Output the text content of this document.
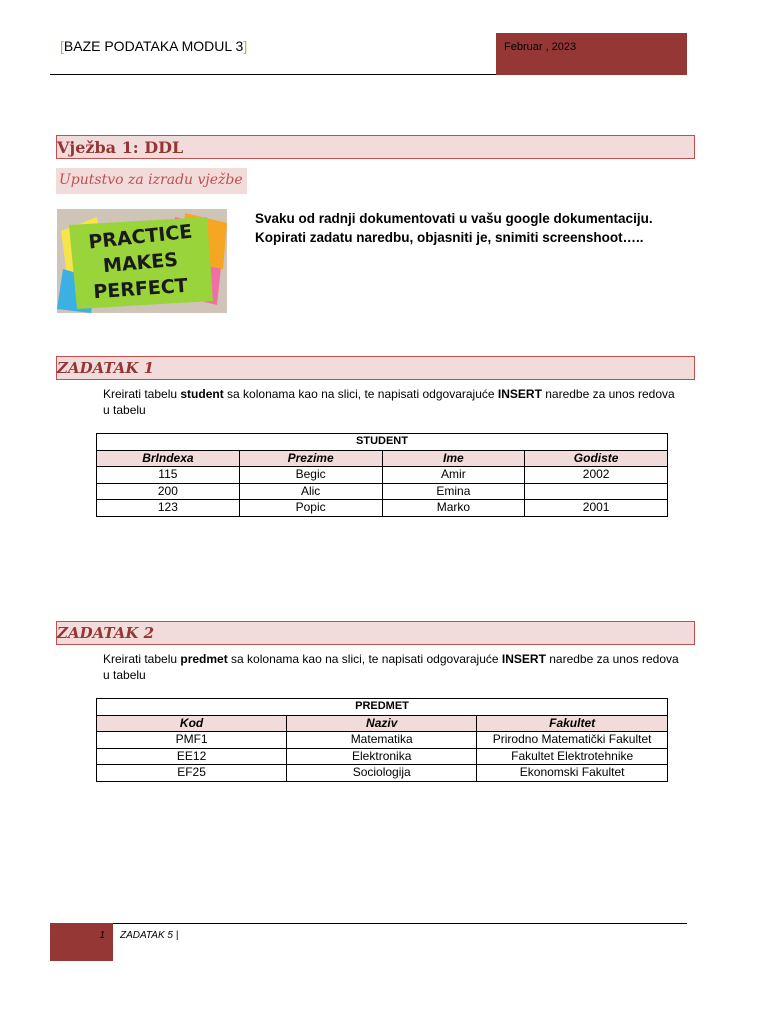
[BAZE PODATAKA MODUL 3]	Februar , 2023
Vježba 1: DDL
Uputstvo za izradu vježbe
PRACTICE
MAKES
PERFECT
Svaku od radnji dokumentovati u vašu google dokumentaciju.
Kopirati zadatu naredbu, objasniti je, snimiti screenshoot…..
ZADATAK 1
Kreirati tabelu student sa kolonama kao na slici, te napisati odgovarajuće INSERT naredbe za unos redova u tabelu
STUDENT			
BrIndexa	Prezime	Ime	Godiste
115	Begic	Amir	2002
200	Alic	Emina	
123	Popic	Marko	2001
ZADATAK 2
Kreirati tabelu predmet sa kolonama kao na slici, te napisati odgovarajuće INSERT naredbe za unos redova u tabelu
PREDMET		
Kod	Naziv	Fakultet
PMF1	Matematika	Prirodno Matematički Fakultet
EE12	Elektronika	Fakultet Elektrotehnike
EF25	Sociologija	Ekonomski Fakultet
1 ZADATAK 5 |
